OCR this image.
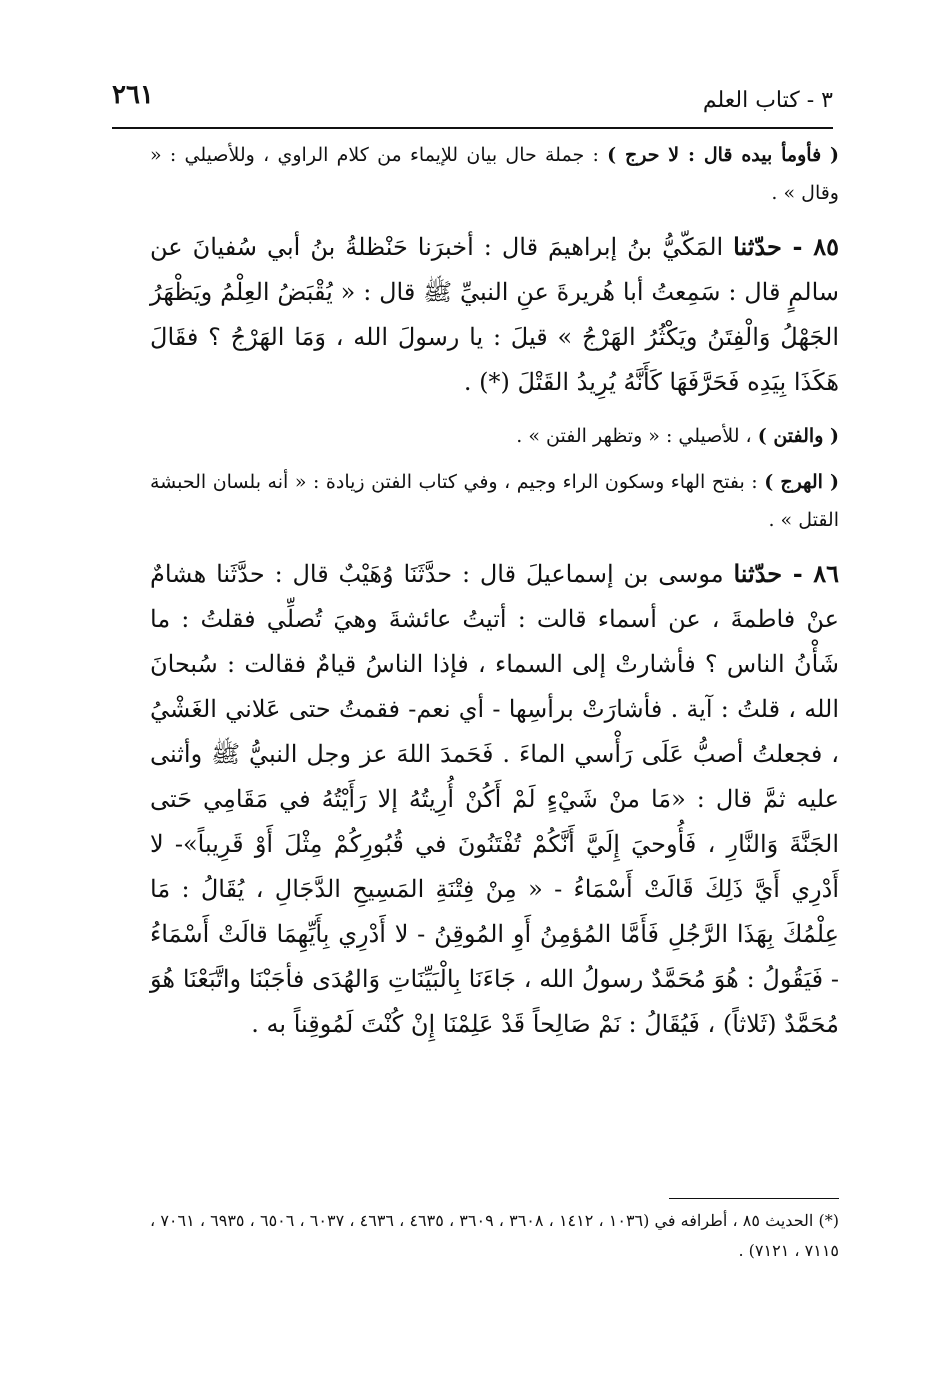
٣ - كتاب العلم
٢٦١

( فأومأ بيده قال : لا حرج ) : جملة حال بيان للإيماء من كلام الراوي ، وللأصيلي : « وقال » .

٨٥ - حدّثنا المَكّيُّ بنُ إبراهيمَ قال : أخبرَنا حَنْظلةُ بنُ أبي سُفيانَ عن سالمٍ قال : سَمِعتُ أبا هُريرةَ عنِ النبيِّ ﷺ قال : « يُقْبَضُ العِلْمُ ويَظْهَرُ الجَهْلُ وَالْفِتَنُ ويَكْثُرُ الهَرْجُ » قيلَ : يا رسولَ الله ، وَمَا الهَرْجُ ؟ فقَالَ هَكَذَا بِيَدِه فَحَرَّفَهَا كَأَنَّهُ يُرِيدُ القَتْلَ (*) .

( والفتن ) ، للأصيلي : « وتظهر الفتن » .

( الهرج ) : بفتح الهاء وسكون الراء وجيم ، وفي كتاب الفتن زيادة : « أنه بلسان الحبشة القتل » .

٨٦ - حدّثنا موسى بن إسماعيلَ قال : حدَّثَنَا وُهَيْبٌ قال : حدَّثَنا هشامٌ عنْ فاطمةَ ، عن أسماء قالت : أتيتُ عائشةَ وهيَ تُصلِّي فقلتُ : ما شَأْنُ الناس ؟ فأشارتْ إلى السماء ، فإذا الناسُ قيامٌ فقالت : سُبحانَ الله ، قلتُ : آية . فأشارَتْ برأسِها - أي نعم- فقمتُ حتى عَلاني الغَشْيُ ، فجعلتُ أصبُّ عَلَى رَأْسي الماءَ . فَحَمدَ اللهَ عز وجل النبيُّ ﷺ وأثنى عليه ثمَّ قال : «مَا منْ شَيْءٍ لَمْ أَكُنْ أُرِيتُهُ إلا رَأَيْتُهُ في مَقَامِي حَتى الجَنَّةَ وَالنَّارِ ، فَأُوحيَ إِلَيَّ أَنَّكُمْ تُفْتَنُونَ في قُبُورِكُمْ مِثْلَ أَوْ قَرِيباً»- لا أَدْرِي أَيَّ ذَلِكَ قَالَتْ أَسْمَاءُ - « مِنْ فِتْنَةِ المَسِيحِ الدَّجَالِ ، يُقَالُ : مَا عِلْمُكَ بِهَذَا الرَّجُلِ فَأَمَّا المُؤمِنُ أَوِ المُوقِنُ - لا أَدْرِي بِأَيِّهِمَا قالَتْ أَسْمَاءُ - فَيَقُولُ : هُوَ مُحَمَّدٌ رسولُ الله ، جَاءَنَا بِالْبَيِّنَاتِ وَالهُدَى فأجَبْنَا واتَّبَعْنَا هُوَ مُحَمَّدٌ (ثَلاثاً) ، فَيُقَالُ : نَمْ صَالِحاً قَدْ عَلِمْنَا إِنْ كُنْتَ لَمُوقِناً به .

(*) الحديث ٨٥ ، أطرافه في (١٠٣٦ ، ١٤١٢ ، ٣٦٠٨ ، ٣٦٠٩ ، ٤٦٣٥ ، ٤٦٣٦ ، ٦٠٣٧ ، ٦٥٠٦ ، ٦٩٣٥ ، ٧٠٦١ ، ٧١١٥ ، ٧١٢١) .
